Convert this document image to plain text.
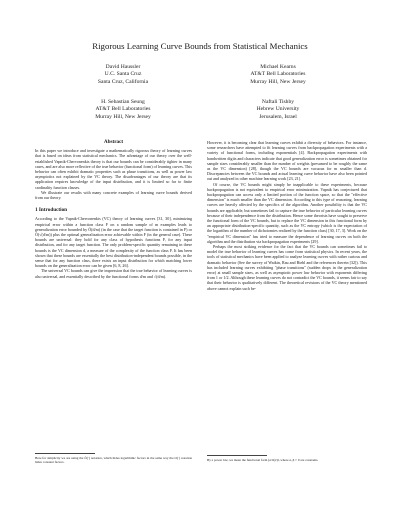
Rigorous Learning Curve Bounds from Statistical Mechanics
David Haussler
U.C. Santa Cruz
Santa Cruz, California
Michael Kearns
AT&T Bell Laboratories
Murray Hill, New Jersey
H. Sebastian Seung
AT&T Bell Laboratories
Murray Hill, New Jersey
Naftali Tishby
Hebrew University
Jerusalem, Israel
Abstract

In this paper we introduce and investigate a mathematically rigorous theory of learning curves that is based on ideas from statistical mechanics. The advantage of our theory over the well-established Vapnik-Chervonenkis theory is that our bounds can be considerably tighter in many cases, and are also more reflective of the true behavior (functional form) of learning curves. This behavior can often exhibit dramatic properties such as phase transitions, as well as power law asymptotics not explained by the VC theory. The disadvantages of our theory are that its application requires knowledge of the input distribution, and it is limited so far to finite cardinality function classes.

We illustrate our results with many concrete examples of learning curve bounds derived from our theory.

1 Introduction

According to the Vapnik-Chervonenkis (VC) theory of learning curves [31, 30], minimizing empirical error within a function class F on a random sample of m examples leads to generalization error bounded by Õ(d/m) (in the case that the target function is contained in F) or Õ(√(d/m)) plus the optimal generalization error achievable within F (in the general case). These bounds are universal: they hold for any class of hypothesis functions F, for any input distribution, and for any target function. The only problem-specific quantity remaining in these bounds is the VC dimension d, a measure of the complexity of the function class F. It has been shown that these bounds are essentially the best distribution-independent bounds possible, in the sense that for any function class, there exists an input distribution for which matching lower bounds on the generalization error can be given [6, 8, 26].

The universal VC bounds can give the impression that the true behavior of learning curves is also universal, and essentially described by the functional forms d/m and √(d/m).

Here for simplicity we are using the Õ(·) notation, which hides logarithmic factors in the same way the O(·) notation hides constant factors.

However, it is becoming clear that learning curves exhibit a diversity of behaviors. For instance, some researchers have attempted to fit learning curves from backpropagation experiments with a variety of functional forms, including exponentials [4]. Backpropagation experiments with handwritten digits and characters indicate that good generalization error is sometimes obtained for sample sizes considerably smaller than the number of weights (presumed to be roughly the same as the VC dimension) [28], though the VC bounds are vacuous for m smaller than d. Discrepancies between the VC bounds and actual learning curve behavior have also been pointed out and analyzed in other machine learning work [23, 21].

Of course, the VC bounds might simply be inapplicable to these experiments, because backpropagation is not equivalent to empirical error minimization. Vapnik has conjectured that backpropagation can access only a limited portion of the function space, so that the "effective dimension" is much smaller than the VC dimension. According to this type of reasoning, learning curves are heavily affected by the specifics of the algorithm. Another possibility is that the VC bounds are applicable, but sometimes fail to capture the true behavior of particular learning curves because of their independence from the distribution. Hence some theorists have sought to preserve the functional form of the VC bounds, but to replace the VC dimension in this functional form by an appropriate distribution-specific quantity, such as the VC entropy (which is the expectation of the logarithm of the number of dichotomies realized by the function class) [30, 17, 3]. Work on the "empirical VC dimension" has tried to measure the dependence of learning curves on both the algorithm and the distribution via backpropagation experiments [29].

Perhaps the most striking evidence for the fact that the VC bounds can sometimes fail to model the true behavior of learning curves has come from statistical physics. In recent years, the tools of statistical mechanics have been applied to analyze learning curves with rather curious and dramatic behavior (See the survey of Watkin, Rau and Biehl and the references therein [32]). This has included learning curves exhibiting "phase transitions" (sudden drops in the generalization error) at small sample sizes, as well as asymptotic power law behavior with exponents differing from 1 or 1/2. Although these learning curves do not contradict the VC bounds, it seems fair to say that their behavior is qualitatively different. The theoretical revisions of the VC theory mentioned above cannot explain such be-

By a power law, we mean the functional form (α/m)^β, where α, β > 0 are constants.
